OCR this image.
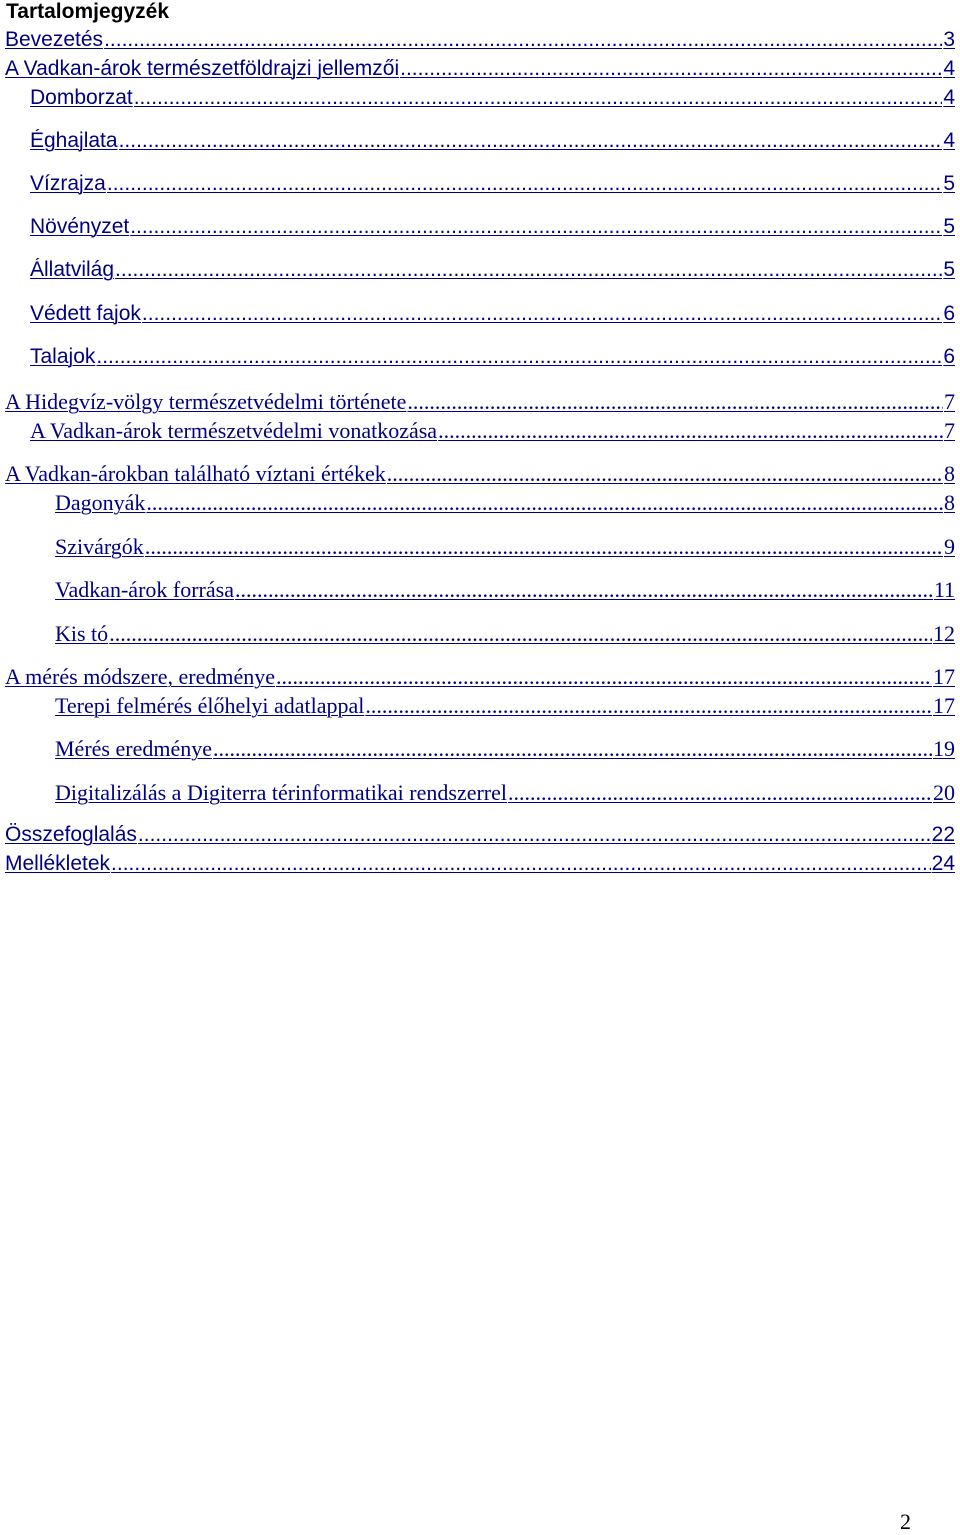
Tartalomjegyzék
Bevezetés .....	3
A Vadkan-árok természetföldrajzi jellemzői .....	4
Domborzat .....	4
Éghajlata .....	4
Vízrajza .....	5
Növényzet .....	5
Állatvilág .....	5
Védett fajok .....	6
Talajok .....	6
A Hidegvíz-völgy természetvédelmi története .....	7
A Vadkan-árok természetvédelmi vonatkozása .....	7
A Vadkan-árokban található víztani értékek .....	8
Dagonyák .....	8
Szivárgók .....	9
Vadkan-árok forrása .....	11
Kis tó .....	12
A mérés módszere, eredménye .....	17
Terepi felmérés élőhelyi adatlappal .....	17
Mérés eredménye .....	19
Digitalizálás a Digiterra térinformatikai rendszerrel .....	20
Összefoglalás .....	22
Mellékletek .....	24
2
